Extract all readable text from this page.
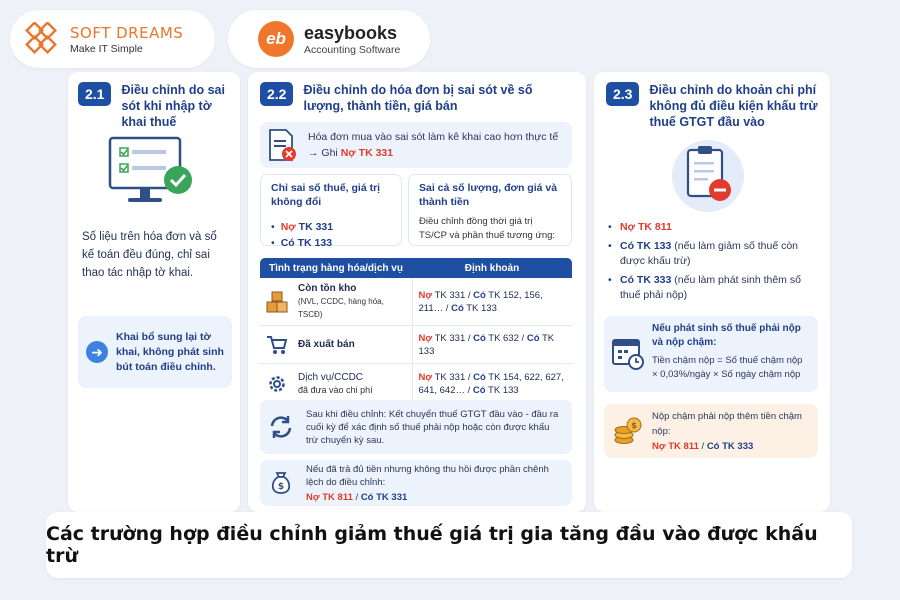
SOFT DREAMS
Make IT Simple
eb	easybooks
Accounting Software
2.1	Điều chỉnh do sai sót khi nhập tờ khai thuế
Số liệu trên hóa đơn và sổ kế toán đều đúng, chỉ sai thao tác nhập tờ khai.
➜
Khai bổ sung lại tờ khai, không phát sinh bút toán điều chỉnh.
2.2	Điều chỉnh do hóa đơn bị sai sót về số lượng, thành tiền, giá bán
Hóa đơn mua vào sai sót làm kê khai cao hơn thực tế → Ghi Nợ TK 331
Chỉ sai số thuế, giá trị không đổi
• Nợ TK 331
• Có TK 133
Sai cả số lượng, đơn giá và thành tiền
Điều chỉnh đồng thời giá trị TS/CP và phần thuế tương ứng:
Tình trạng hàng hóa/dịch vụ	Định khoản

Còn tồn kho
(NVL, CCDC, hàng hóa, TSCĐ)	Nợ TK 331 / Có TK 152, 156, 211… / Có TK 133

Đã xuất bán	Nợ TK 331 / Có TK 632 / Có TK 133

Dịch vụ/CCDC
đã đưa vào chi phí	Nợ TK 331 / Có TK 154, 622, 627, 641, 642… / Có TK 133
Sau khi điều chỉnh: Kết chuyển thuế GTGT đầu vào - đầu ra cuối kỳ để xác định số thuế phải nộp hoặc còn được khấu trừ chuyển kỳ sau.
$
Nếu đã trả đủ tiền nhưng không thu hồi được phần chênh lệch do điều chỉnh:
Nợ TK 811 / Có TK 331
2.3	Điều chỉnh do khoản chi phí không đủ điều kiện khấu trừ thuế GTGT đầu vào
• Nợ TK 811
• Có TK 133 (nếu làm giảm số thuế còn được khấu trừ)
• Có TK 333 (nếu làm phát sinh thêm số thuế phải nộp)
Nếu phát sinh số thuế phải nộp và nộp chậm:
Tiền chậm nộp = Số thuế chậm nộp × 0,03%/ngày × Số ngày chậm nộp
$
Nộp chậm phải nộp thêm tiền chậm nộp:
Nợ TK 811 / Có TK 333
Các trường hợp điều chỉnh giảm thuế giá trị gia tăng đầu vào được khấu trừ
